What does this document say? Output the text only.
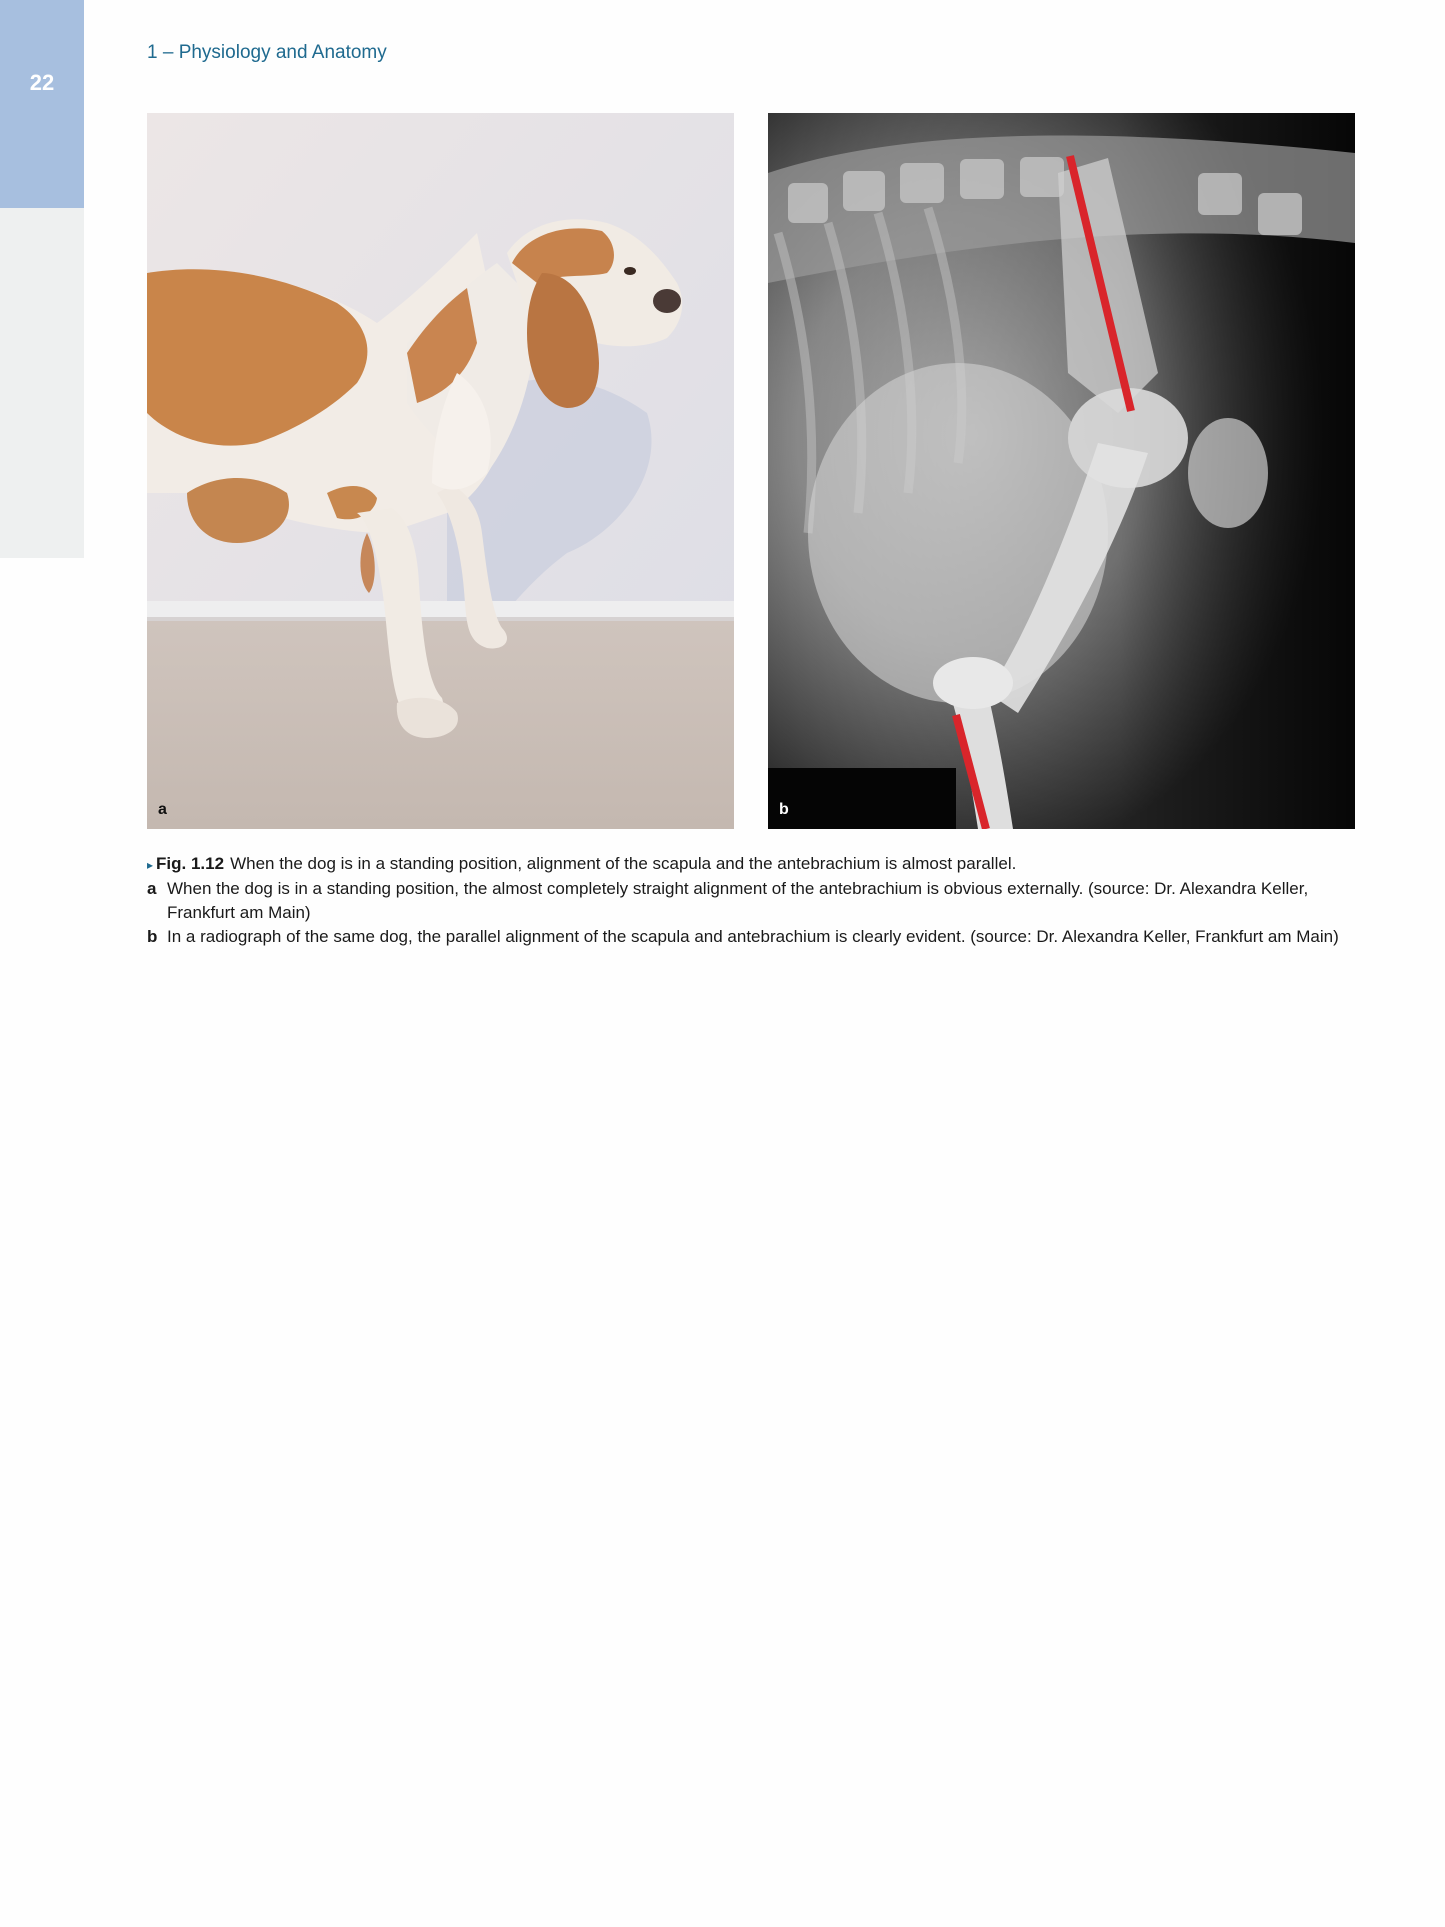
22
1 – Physiology and Anatomy
a	b

▸ Fig. 1.12 When the dog is in a standing position, alignment of the scapula and the antebrachium is almost parallel.

a When the dog is in a standing position, the almost completely straight alignment of the antebrachium is obvious externally. (source: Dr. Alexandra Keller, Frankfurt am Main)

b In a radiograph of the same dog, the parallel alignment of the scapula and antebrachium is clearly evident. (source: Dr. Alexandra Keller, Frankfurt am Main)
